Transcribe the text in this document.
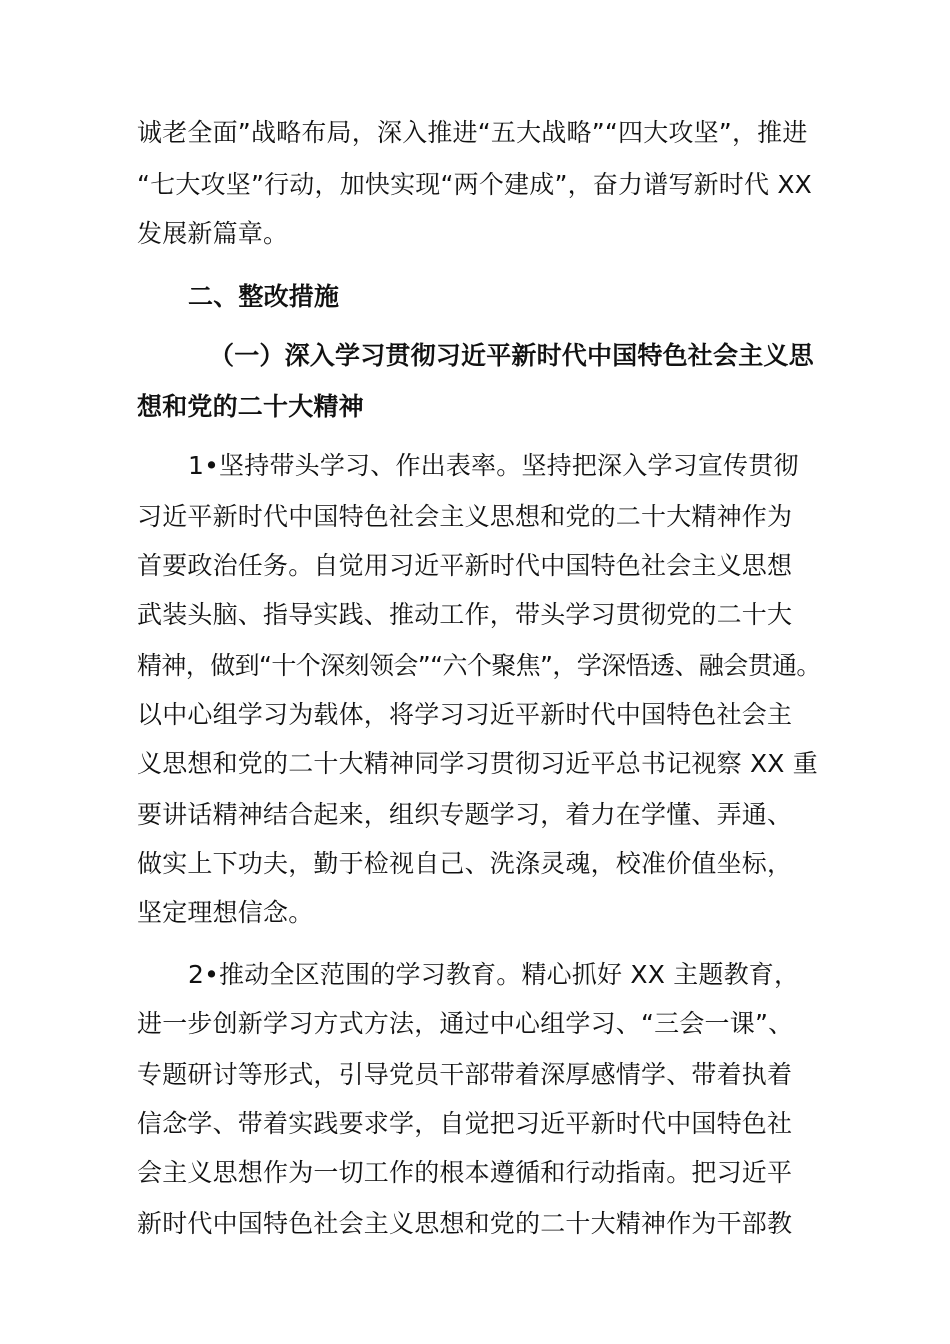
诚老全面”战略布局，深入推进“五大战略”“四大攻坚”，推进
“七大攻坚”行动，加快实现“两个建成”，奋力谱写新时代 XX
发展新篇章。
二、整改措施
（一）深入学习贯彻习近平新时代中国特色社会主义思
想和党的二十大精神
1•坚持带头学习、作出表率。坚持把深入学习宣传贯彻
习近平新时代中国特色社会主义思想和党的二十大精神作为
首要政治任务。自觉用习近平新时代中国特色社会主义思想
武装头脑、指导实践、推动工作，带头学习贯彻党的二十大
精神，做到“十个深刻领会”“六个聚焦”，学深悟透、融会贯通。
以中心组学习为载体，将学习习近平新时代中国特色社会主
义思想和党的二十大精神同学习贯彻习近平总书记视察 XX 重
要讲话精神结合起来，组织专题学习，着力在学懂、弄通、
做实上下功夫，勤于检视自己、洗涤灵魂，校准价值坐标，
坚定理想信念。
2•推动全区范围的学习教育。精心抓好 XX 主题教育，
进一步创新学习方式方法，通过中心组学习、“三会一课”、
专题研讨等形式，引导党员干部带着深厚感情学、带着执着
信念学、带着实践要求学，自觉把习近平新时代中国特色社
会主义思想作为一切工作的根本遵循和行动指南。把习近平
新时代中国特色社会主义思想和党的二十大精神作为干部教
